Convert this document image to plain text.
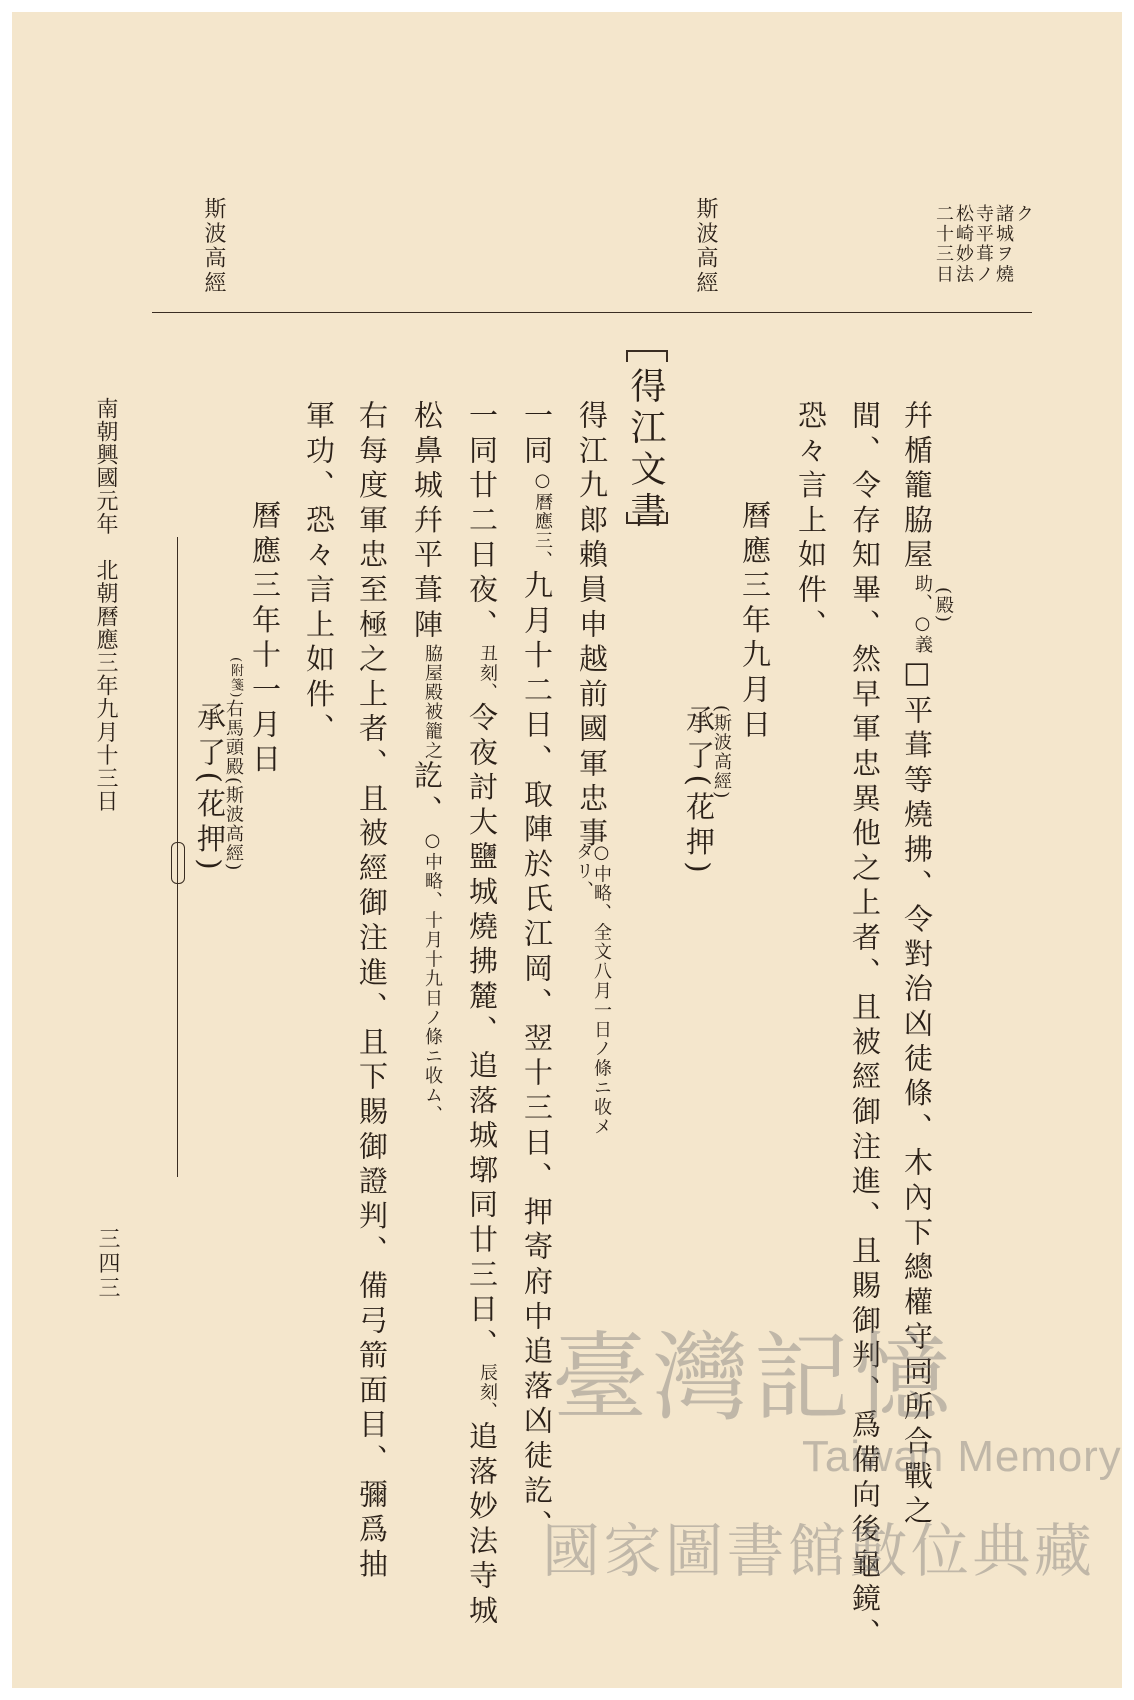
二十三日 松崎妙法 寺平葺ノ 諸城ヲ燒 ク
斯波高經
斯波高經
幷楯籠脇屋
助、○義
□平葺等燒拂、令對治凶徒條、木內下總權守同所合戰之
(殿)
間、令存知畢、然早軍忠異他之上者、且被經御注進、且賜御判、爲備向後龜鏡、
恐々言上如件、
曆應三年九月日
(斯波高經)
承了(花押)
得江文書
得江九郞賴員申越前國軍忠事
○中略、全文八月一日ノ條ニ收メタリ、
一同
○曆應三、
九月十二日、取陣於氏江岡、翌十三日、押寄府中追落凶徒訖、
一同廿二日夜、
丑刻、
令夜討大鹽城燒拂麓、追落城墎同廿三日、
辰刻、
追落妙法寺城
松鼻城幷平葺陣
脇屋殿被籠之
訖、
○中略、十月十九日ノ條ニ收ム、
右每度軍忠至極之上者、且被經御注進、且下賜御證判、備弓箭面目、彌爲抽
軍功、恐々言上如件、
曆應三年十一月日
(附箋)
右馬頭殿
(斯波高經)
承了(花押)
南朝興國元年　北朝曆應三年九月十三日
三四三
臺灣記憶
Taiwan Memory
國家圖書館數位典藏
